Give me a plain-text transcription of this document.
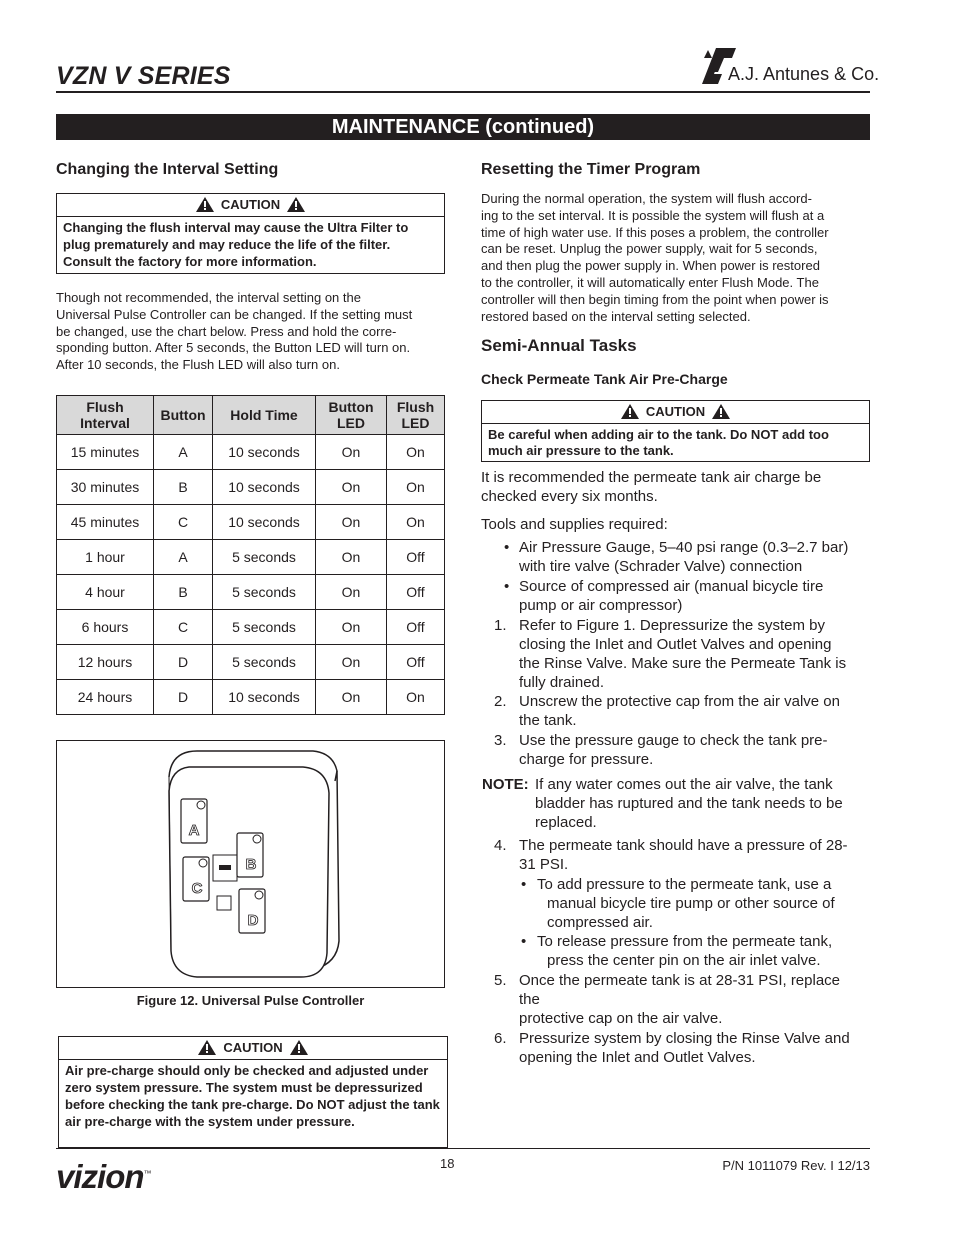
VZN V SERIES	A.J. Antunes & Co.
MAINTENANCE (continued)
Changing the Interval Setting
CAUTION
Changing the flush interval may cause the Ultra Filter to plug prematurely and may reduce the life of the filter. Consult the factory for more information.

Though not recommended, the interval setting on the

Universal Pulse Controller can be changed. If the setting must

be changed, use the chart below. Press and hold the corre-

sponding button. After 5 seconds, the Button LED will turn on.

After 10 seconds, the Flush LED will also turn on.

Flush Interval	Button	Hold Time	Button LED	Flush LED
15 minutes	A	10 seconds	On	On
30 minutes	B	10 seconds	On	On
45 minutes	C	10 seconds	On	On
1 hour	A	5 seconds	On	Off
4 hour	B	5 seconds	On	Off
6 hours	C	5 seconds	On	Off
12 hours	D	5 seconds	On	Off
24 hours	D	10 seconds	On	On
A
B
C
D
Figure 12. Universal Pulse Controller
CAUTION
Air pre-charge should only be checked and adjusted under zero system pressure. The system must be depressurized before checking the tank pre-charge. Do NOT adjust the tank air pre-charge with the system under pressure.
Resetting the Timer Program

During the normal operation, the system will flush accord-

ing to the set interval. It is possible the system will flush at a

time of high water use. If this poses a problem, the controller

can be reset. Unplug the power supply, wait for 5 seconds,

and then plug the power supply in. When power is restored

to the controller, it will automatically enter Flush Mode. The

controller will then begin timing from the point when power is

restored based on the interval setting selected.

Semi-Annual Tasks
Check Permeate Tank Air Pre-Charge
CAUTION
Be careful when adding air to the tank. Do NOT add too much air pressure to the tank.

It is recommended the permeate tank air charge be

checked every six months.

Tools and supplies required:
• Air Pressure Gauge, 5–40 psi range (0.3–2.7 bar)
with tire valve (Schrader Valve) connection
• Source of compressed air (manual bicycle tire
pump or air compressor)
1. Refer to Figure 1. Depressurize the system by
closing the Inlet and Outlet Valves and opening
the Rinse Valve. Make sure the Permeate Tank is
fully drained.
2. Unscrew the protective cap from the air valve on
the tank.
3. Use the pressure gauge to check the tank pre-
charge for pressure.
NOTE: If any water comes out the air valve, the tank
bladder has ruptured and the tank needs to be
replaced.
4. The permeate tank should have a pressure of 28-
31 PSI.
• To add pressure to the permeate tank, use a
manual bicycle tire pump or other source of
compressed air.
• To release pressure from the permeate tank,
press the center pin on the air inlet valve.
5. Once the permeate tank is at 28-31 PSI, replace
the
protective cap on the air valve.
6. Pressurize system by closing the Rinse Valve and
opening the Inlet and Outlet Valves.
vizion™
18	P/N 1011079 Rev. I 12/13
